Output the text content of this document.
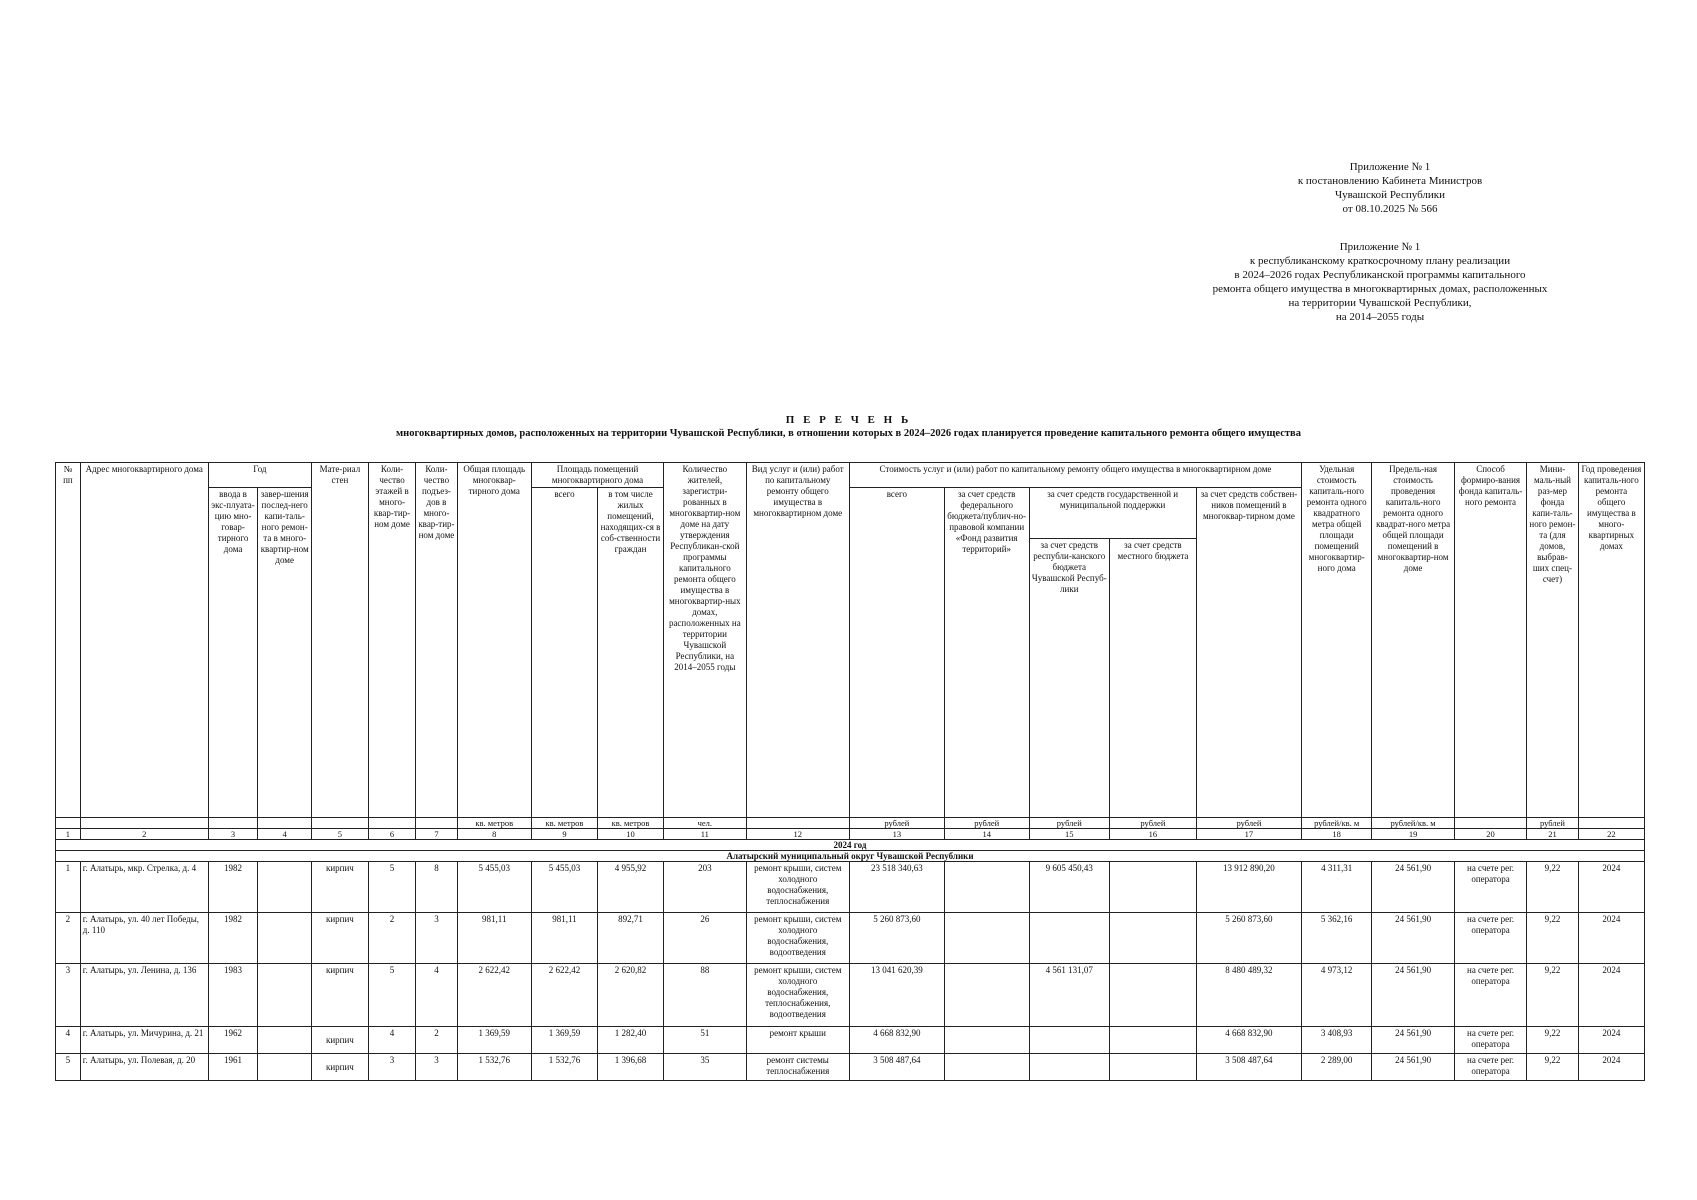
Приложение № 1
к постановлению Кабинета Министров
Чувашской Республики
от 08.10.2025 № 566
Приложение № 1
к республиканскому краткосрочному плану реализации
в 2024–2026 годах Республиканской программы капитального
ремонта общего имущества в многоквартирных домах, расположенных
на территории Чувашской Республики,
на 2014–2055 годы
П Е Р Е Ч Е Н Ь
многоквартирных домов, расположенных на территории Чувашской Республики, в отношении которых в 2024–2026 годах планируется проведение капитального ремонта общего имущества
№ пп	Адрес многоквартирного дома	Год		Мате-риал стен	Коли-чество этажей в много-квар-тир-ном доме	Коли-чество подъез-дов в много-квар-тир-ном доме	Общая площадь многоквар-тирного дома	Площадь помещений многоквартирного дома		Количество жителей, зарегистри-рованных в многоквартир-ном доме на дату утверждения Республикан-ской программы капитального ремонта общего имущества в многоквартир-ных домах, расположенных на территории Чувашской Республики, на 2014–2055 годы	Вид услуг и (или) работ по капитальному ремонту общего имущества в многоквартирном доме	Стоимость услуг и (или) работ по капитальному ремонту общего имущества в многоквартирном доме					Удельная стоимость капиталь-ного ремонта одного квадратного метра общей площади помещений многоквартир-ного дома	Предель-ная стоимость проведения капиталь-ного ремонта одного квадрат-ного метра общей площади помещений в многоквартир-ном доме	Способ формиро-вания фонда капиталь-ного ремонта	Мини-маль-ный раз-мер фонда капи-таль-ного ремон-та (для домов, выбрав-ших спец-счет)	Год проведения капиталь-ного ремонта общего имущества в много-квартирных домах
		ввода в экс-плуата-цию мно-говар-тирного дома	завер-шения послед-него капи-таль-ного ремон-та в много-квартир-ном доме					всего	в том числе жилых помещений, находящих-ся в соб-ственности граждан			всего	за счет средств федерального бюджета/публич-но-правовой компании «Фонд развития территорий»	за счет средств государственной и муниципальной поддержки		за счет средств собствен-ников помещений в многоквар-тирном доме					
														за счет средств республи-канского бюджета Чувашской Респуб-лики	за счет средств местного бюджета						
							кв. метров	кв. метров	кв. метров	чел.		рублей	рублей	рублей	рублей	рублей	рублей/кв. м	рублей/кв. м		рублей	
1	2	3	4	5	6	7	8	9	10	11	12	13	14	15	16	17	18	19	20	21	22
2024 год																					
Алатырский муниципальный округ Чувашской Республики																					
1	г. Алатырь, мкр. Стрелка, д. 4	1982		кирпич	5	8	5 455,03	5 455,03	4 955,92	203	ремонт крыши, систем холодного водоснабжения, теплоснабжения	23 518 340,63		9 605 450,43		13 912 890,20	4 311,31	24 561,90	на счете рег. оператора	9,22	2024
2	г. Алатырь, ул. 40 лет Победы, д. 110	1982		кирпич	2	3	981,11	981,11	892,71	26	ремонт крыши, систем холодного водоснабжения, водоотведения	5 260 873,60				5 260 873,60	5 362,16	24 561,90	на счете рег. оператора	9,22	2024
3	г. Алатырь, ул. Ленина, д. 136	1983		кирпич	5	4	2 622,42	2 622,42	2 620,82	88	ремонт крыши, систем холодного водоснабжения, теплоснабжения, водоотведения	13 041 620,39		4 561 131,07		8 480 489,32	4 973,12	24 561,90	на счете рег. оператора	9,22	2024
4	г. Алатырь, ул. Мичурина, д. 21	1962		кирпич	4	2	1 369,59	1 369,59	1 282,40	51	ремонт крыши	4 668 832,90				4 668 832,90	3 408,93	24 561,90	на счете рег. оператора	9,22	2024
5	г. Алатырь, ул. Полевая, д. 20	1961		кирпич	3	3	1 532,76	1 532,76	1 396,68	35	ремонт системы теплоснабжения	3 508 487,64				3 508 487,64	2 289,00	24 561,90	на счете рег. оператора	9,22	2024
